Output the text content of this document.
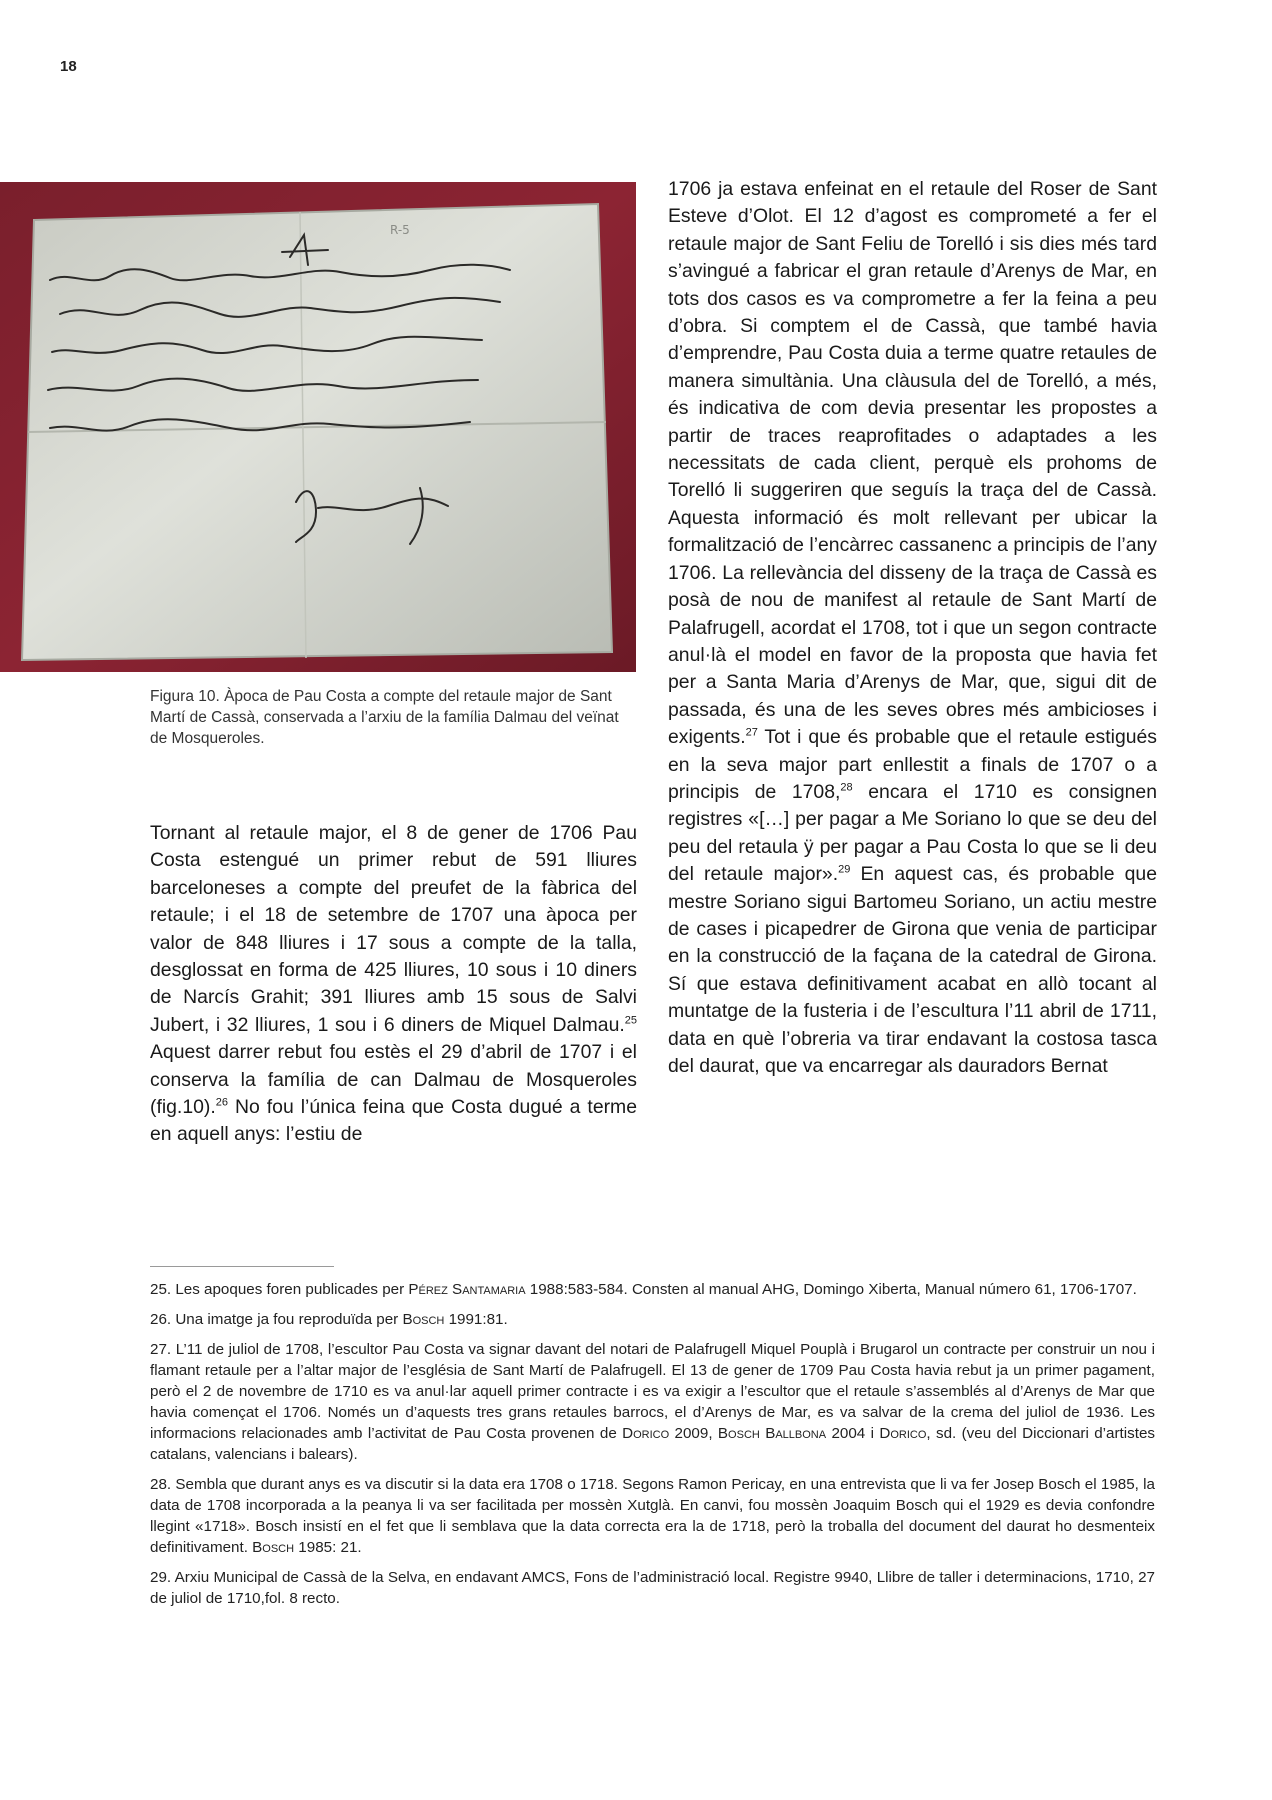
18
R-5
Figura 10. Àpoca de Pau Costa a compte del retaule major de Sant Martí de Cassà, conservada a l’arxiu de la família Dalmau del veïnat de Mosqueroles.

Tornant al retaule major, el 8 de gener de 1706 Pau Costa estengué un primer rebut de 591 lliures barceloneses a compte del preufet de la fàbrica del retaule; i el 18 de setembre de 1707 una àpoca per valor de 848 lliures i 17 sous a compte de la talla, desglossat en forma de 425 lliures, 10 sous i 10 diners de Narcís Grahit; 391 lliures amb 15 sous de Salvi Jubert, i 32 lliures, 1 sou i 6 diners de Miquel Dalmau.$^{25}$ Aquest darrer rebut fou estès el 29 d’abril de 1707 i el conserva la família de can Dalmau de Mosqueroles (fig.10).$^{26}$ No fou l’única feina que Costa dugué a terme en aquell anys: l’estiu de

1706 ja estava enfeinat en el retaule del Roser de Sant Esteve d’Olot. El 12 d’agost es comprometé a fer el retaule major de Sant Feliu de Torelló i sis dies més tard s’avingué a fabricar el gran retaule d’Arenys de Mar, en tots dos casos es va comprometre a fer la feina a peu d’obra. Si comptem el de Cassà, que també havia d’emprendre, Pau Costa duia a terme quatre retaules de manera simultània. Una clàusula del de Torelló, a més, és indicativa de com devia presentar les propostes a partir de traces reaprofitades o adaptades a les necessitats de cada client, perquè els prohoms de Torelló li suggeriren que seguís la traça del de Cassà. Aquesta informació és molt rellevant per ubicar la formalització de l’encàrrec cassanenc a principis de l’any 1706. La rellevància del disseny de la traça de Cassà es posà de nou de manifest al retaule de Sant Martí de Palafrugell, acordat el 1708, tot i que un segon contracte anul·là el model en favor de la proposta que havia fet per a Santa Maria d’Arenys de Mar, que, sigui dit de passada, és una de les seves obres més ambicioses i exigents.$^{27}$ Tot i que és probable que el retaule estigués en la seva major part enllestit a finals de 1707 o a principis de 1708,28 encara el 1710 es consignen registres «[…] per pagar a Me Soriano lo que se deu del peu del retaula ÿ per pagar a Pau Costa lo que se li deu del retaule major».$^{29}$ En aquest cas, és probable que mestre Soriano sigui Bartomeu Soriano, un actiu mestre de cases i picapedrer de Girona que venia de participar en la construcció de la façana de la catedral de Girona. Sí que estava definitivament acabat en allò tocant al muntatge de la fusteria i de l’escultura l’11 abril de 1711, data en què l’obreria va tirar endavant la costosa tasca del daurat, que va encarregar als dauradors Bernat

25. Les apoques foren publicades per Pérez Santamaria 1988:583-584. Consten al manual AHG, Domingo Xiberta, Manual número 61, 1706-1707.

26. Una imatge ja fou reproduïda per Bosch 1991:81.

27. L’11 de juliol de 1708, l’escultor Pau Costa va signar davant del notari de Palafrugell Miquel Pouplà i Brugarol un contracte per construir un nou i flamant retaule per a l’altar major de l’església de Sant Martí de Palafrugell. El 13 de gener de 1709 Pau Costa havia rebut ja un primer pagament, però el 2 de novembre de 1710 es va anul·lar aquell primer contracte i es va exigir a l’escultor que el retaule s’assemblés al d’Arenys de Mar que havia començat el 1706. Només un d’aquests tres grans retaules barrocs, el d’Arenys de Mar, es va salvar de la crema del juliol de 1936. Les informacions relacionades amb l’activitat de Pau Costa provenen de Dorico 2009, Bosch Ballbona 2004 i Dorico, sd. (veu del Diccionari d’artistes catalans, valencians i balears).

28. Sembla que durant anys es va discutir si la data era 1708 o 1718. Segons Ramon Pericay, en una entrevista que li va fer Josep Bosch el 1985, la data de 1708 incorporada a la peanya li va ser facilitada per mossèn Xutglà. En canvi, fou mossèn Joaquim Bosch qui el 1929 es devia confondre llegint «1718». Bosch insistí en el fet que li semblava que la data correcta era la de 1718, però la troballa del document del daurat ho desmenteix definitivament. Bosch 1985: 21.

29. Arxiu Municipal de Cassà de la Selva, en endavant AMCS, Fons de l’administració local. Registre 9940, Llibre de taller i determinacions, 1710, 27 de juliol de 1710,fol. 8 recto.
